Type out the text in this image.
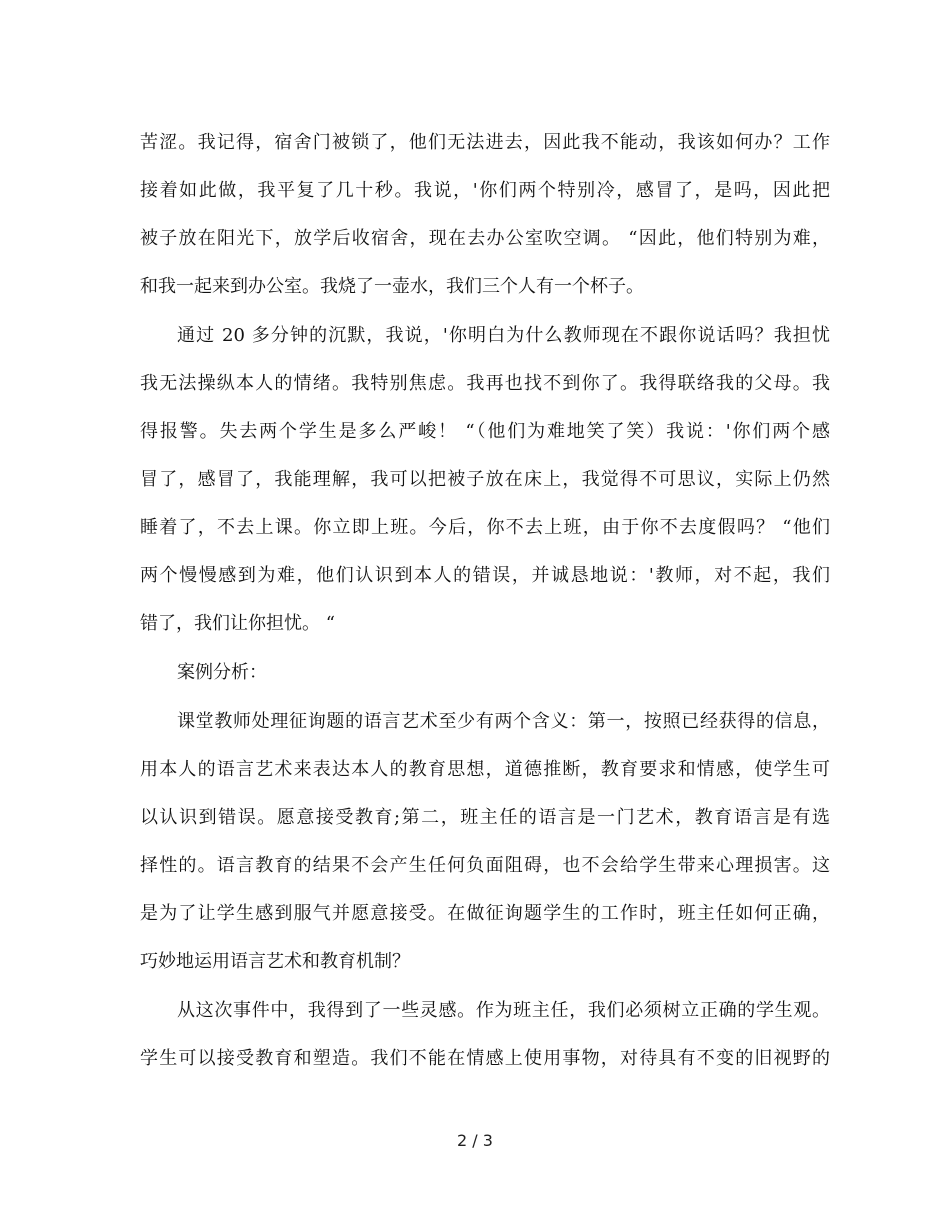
苦涩。我记得，宿舍门被锁了，他们无法进去，因此我不能动，我该如何办？工作
接着如此做，我平复了几十秒。我说，'你们两个特别冷，感冒了，是吗，因此把
被子放在阳光下，放学后收宿舍，现在去办公室吹空调。 “因此，他们特别为难，
和我一起来到办公室。我烧了一壶水，我们三个人有一个杯子。
通过 20 多分钟的沉默，我说，'你明白为什么教师现在不跟你说话吗？我担忧
我无法操纵本人的情绪。我特别焦虑。我再也找不到你了。我得联络我的父母。我
得报警。失去两个学生是多么严峻！ “（他们为难地笑了笑）我说：'你们两个感
冒了，感冒了，我能理解，我可以把被子放在床上，我觉得不可思议，实际上仍然
睡着了，不去上课。你立即上班。今后，你不去上班，由于你不去度假吗？ “他们
两个慢慢感到为难，他们认识到本人的错误，并诚恳地说：'教师，对不起，我们
错了，我们让你担忧。 “
案例分析：
课堂教师处理征询题的语言艺术至少有两个含义：第一，按照已经获得的信息，
用本人的语言艺术来表达本人的教育思想，道德推断，教育要求和情感，使学生可
以认识到错误。愿意接受教育;第二，班主任的语言是一门艺术，教育语言是有选
择性的。语言教育的结果不会产生任何负面阻碍，也不会给学生带来心理损害。这
是为了让学生感到服气并愿意接受。在做征询题学生的工作时，班主任如何正确，
巧妙地运用语言艺术和教育机制？
从这次事件中，我得到了一些灵感。作为班主任，我们必须树立正确的学生观。
学生可以接受教育和塑造。我们不能在情感上使用事物，对待具有不变的旧视野的
2 / 3
